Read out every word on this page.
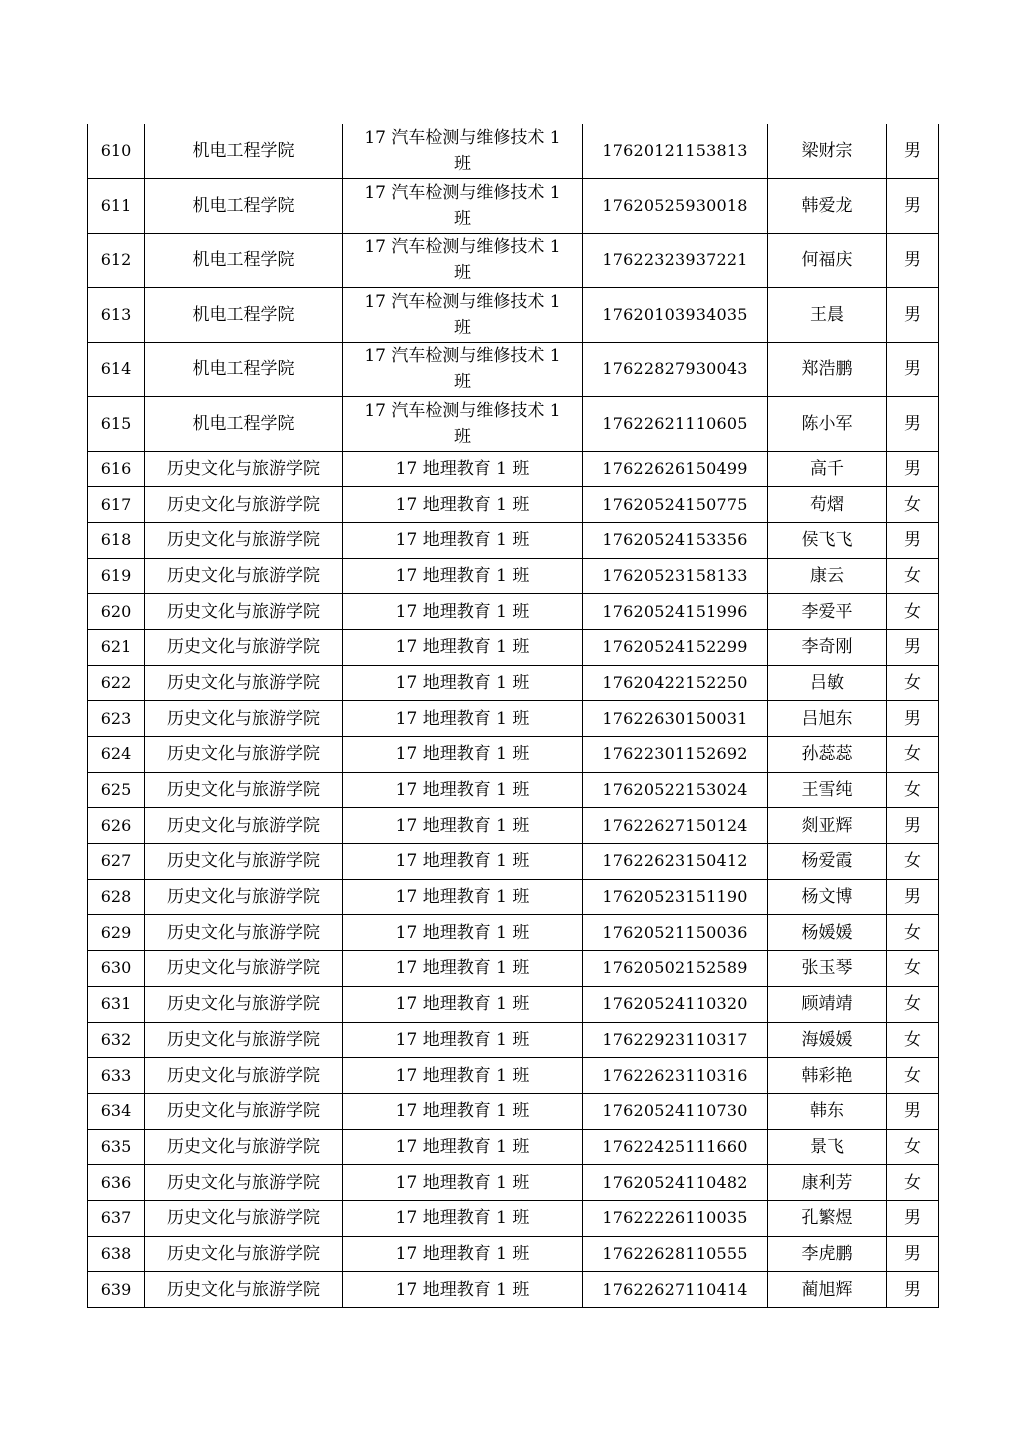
610	机电工程学院	17 汽车检测与维修技术 1 班	17620121153813	梁财宗	男
611	机电工程学院	17 汽车检测与维修技术 1 班	17620525930018	韩爱龙	男
612	机电工程学院	17 汽车检测与维修技术 1 班	17622323937221	何福庆	男
613	机电工程学院	17 汽车检测与维修技术 1 班	17620103934035	王晨	男
614	机电工程学院	17 汽车检测与维修技术 1 班	17622827930043	郑浩鹏	男
615	机电工程学院	17 汽车检测与维修技术 1 班	17622621110605	陈小军	男
616	历史文化与旅游学院	17 地理教育 1 班	17622626150499	高千	男
617	历史文化与旅游学院	17 地理教育 1 班	17620524150775	苟熠	女
618	历史文化与旅游学院	17 地理教育 1 班	17620524153356	侯飞飞	男
619	历史文化与旅游学院	17 地理教育 1 班	17620523158133	康云	女
620	历史文化与旅游学院	17 地理教育 1 班	17620524151996	李爱平	女
621	历史文化与旅游学院	17 地理教育 1 班	17620524152299	李奇刚	男
622	历史文化与旅游学院	17 地理教育 1 班	17620422152250	吕敏	女
623	历史文化与旅游学院	17 地理教育 1 班	17622630150031	吕旭东	男
624	历史文化与旅游学院	17 地理教育 1 班	17622301152692	孙蕊蕊	女
625	历史文化与旅游学院	17 地理教育 1 班	17620522153024	王雪纯	女
626	历史文化与旅游学院	17 地理教育 1 班	17622627150124	剡亚辉	男
627	历史文化与旅游学院	17 地理教育 1 班	17622623150412	杨爱霞	女
628	历史文化与旅游学院	17 地理教育 1 班	17620523151190	杨文博	男
629	历史文化与旅游学院	17 地理教育 1 班	17620521150036	杨媛媛	女
630	历史文化与旅游学院	17 地理教育 1 班	17620502152589	张玉琴	女
631	历史文化与旅游学院	17 地理教育 1 班	17620524110320	顾靖靖	女
632	历史文化与旅游学院	17 地理教育 1 班	17622923110317	海媛媛	女
633	历史文化与旅游学院	17 地理教育 1 班	17622623110316	韩彩艳	女
634	历史文化与旅游学院	17 地理教育 1 班	17620524110730	韩东	男
635	历史文化与旅游学院	17 地理教育 1 班	17622425111660	景飞	女
636	历史文化与旅游学院	17 地理教育 1 班	17620524110482	康利芳	女
637	历史文化与旅游学院	17 地理教育 1 班	17622226110035	孔繁煜	男
638	历史文化与旅游学院	17 地理教育 1 班	17622628110555	李虎鹏	男
639	历史文化与旅游学院	17 地理教育 1 班	17622627110414	蔺旭辉	男
